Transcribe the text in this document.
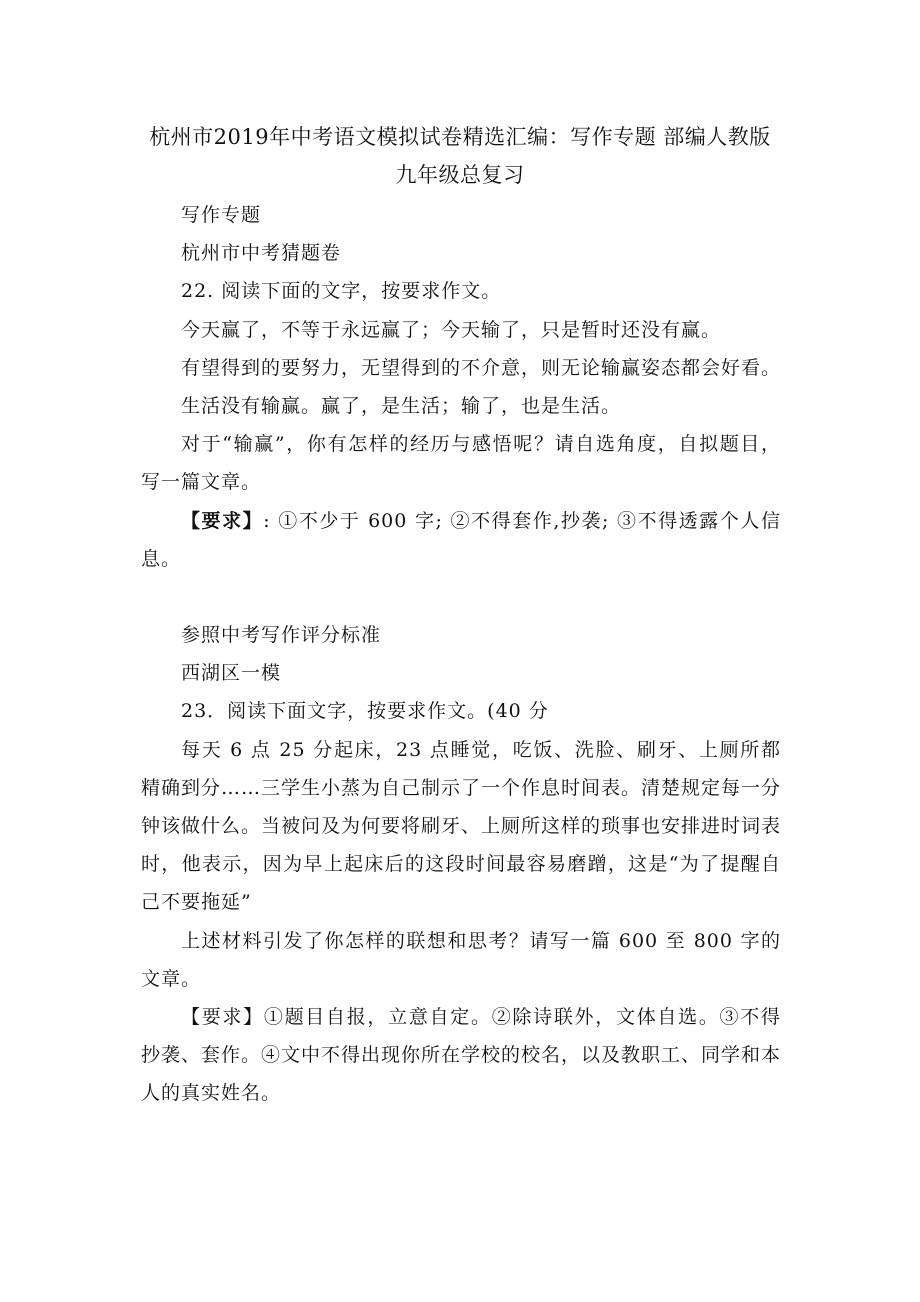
杭州市2019年中考语文模拟试卷精选汇编：写作专题 部编人教版
九年级总复习

写作专题

杭州市中考猜题卷

22. 阅读下面的文字，按要求作文。

今天赢了，不等于永远赢了；今天输了，只是暂时还没有赢。

有望得到的要努力，无望得到的不介意，则无论输赢姿态都会好看。

生活没有输赢。赢了，是生活；输了，也是生活。

对于“输赢”，你有怎样的经历与感悟呢？请自选角度，自拟题目，写一篇文章。

【要求】: ①不少于 600 字; ②不得套作,抄袭; ③不得透露个人信息。

参照中考写作评分标准

西湖区一模

23．阅读下面文字，按要求作文。(40 分

每天 6 点 25 分起床，23 点睡觉，吃饭、洗脸、刷牙、上厕所都精确到分……三学生小蒸为自己制示了一个作息时间表。清楚规定每一分钟该做什么。当被问及为何要将刷牙、上厕所这样的琐事也安排进时词表时，他表示，因为早上起床后的这段时间最容易磨蹭，这是“为了提醒自己不要拖延”

上述材料引发了你怎样的联想和思考？请写一篇 600 至 800 字的文章。

【要求】①题目自报，立意自定。②除诗联外，文体自选。③不得抄袭、套作。④文中不得出现你所在学校的校名，以及教职工、同学和本人的真实姓名。
